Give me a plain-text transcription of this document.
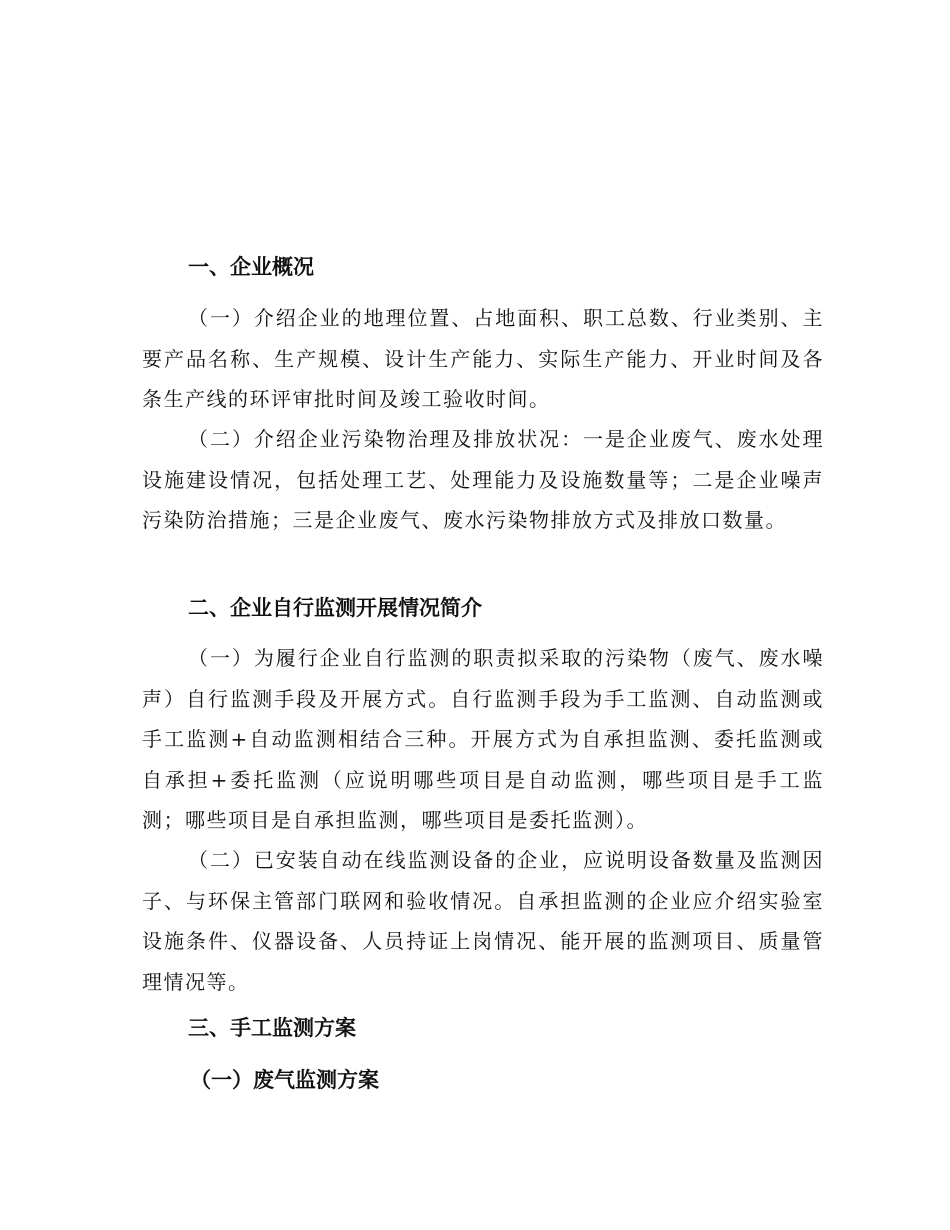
一、企业概况

（一）介绍企业的地理位置、占地面积、职工总数、行业类别、主要产品名称、生产规模、设计生产能力、实际生产能力、开业时间及各条生产线的环评审批时间及竣工验收时间。

（二）介绍企业污染物治理及排放状况：一是企业废气、废水处理设施建设情况，包括处理工艺、处理能力及设施数量等；二是企业噪声污染防治措施；三是企业废气、废水污染物排放方式及排放口数量。

二、企业自行监测开展情况简介

（一）为履行企业自行监测的职责拟采取的污染物（废气、废水噪声）自行监测手段及开展方式。自行监测手段为手工监测、自动监测或手工监测+自动监测相结合三种。开展方式为自承担监测、委托监测或自承担+委托监测（应说明哪些项目是自动监测，哪些项目是手工监测；哪些项目是自承担监测，哪些项目是委托监测）。

（二）已安装自动在线监测设备的企业，应说明设备数量及监测因子、与环保主管部门联网和验收情况。自承担监测的企业应介绍实验室设施条件、仪器设备、人员持证上岗情况、能开展的监测项目、质量管理情况等。

三、手工监测方案
（一）废气监测方案
